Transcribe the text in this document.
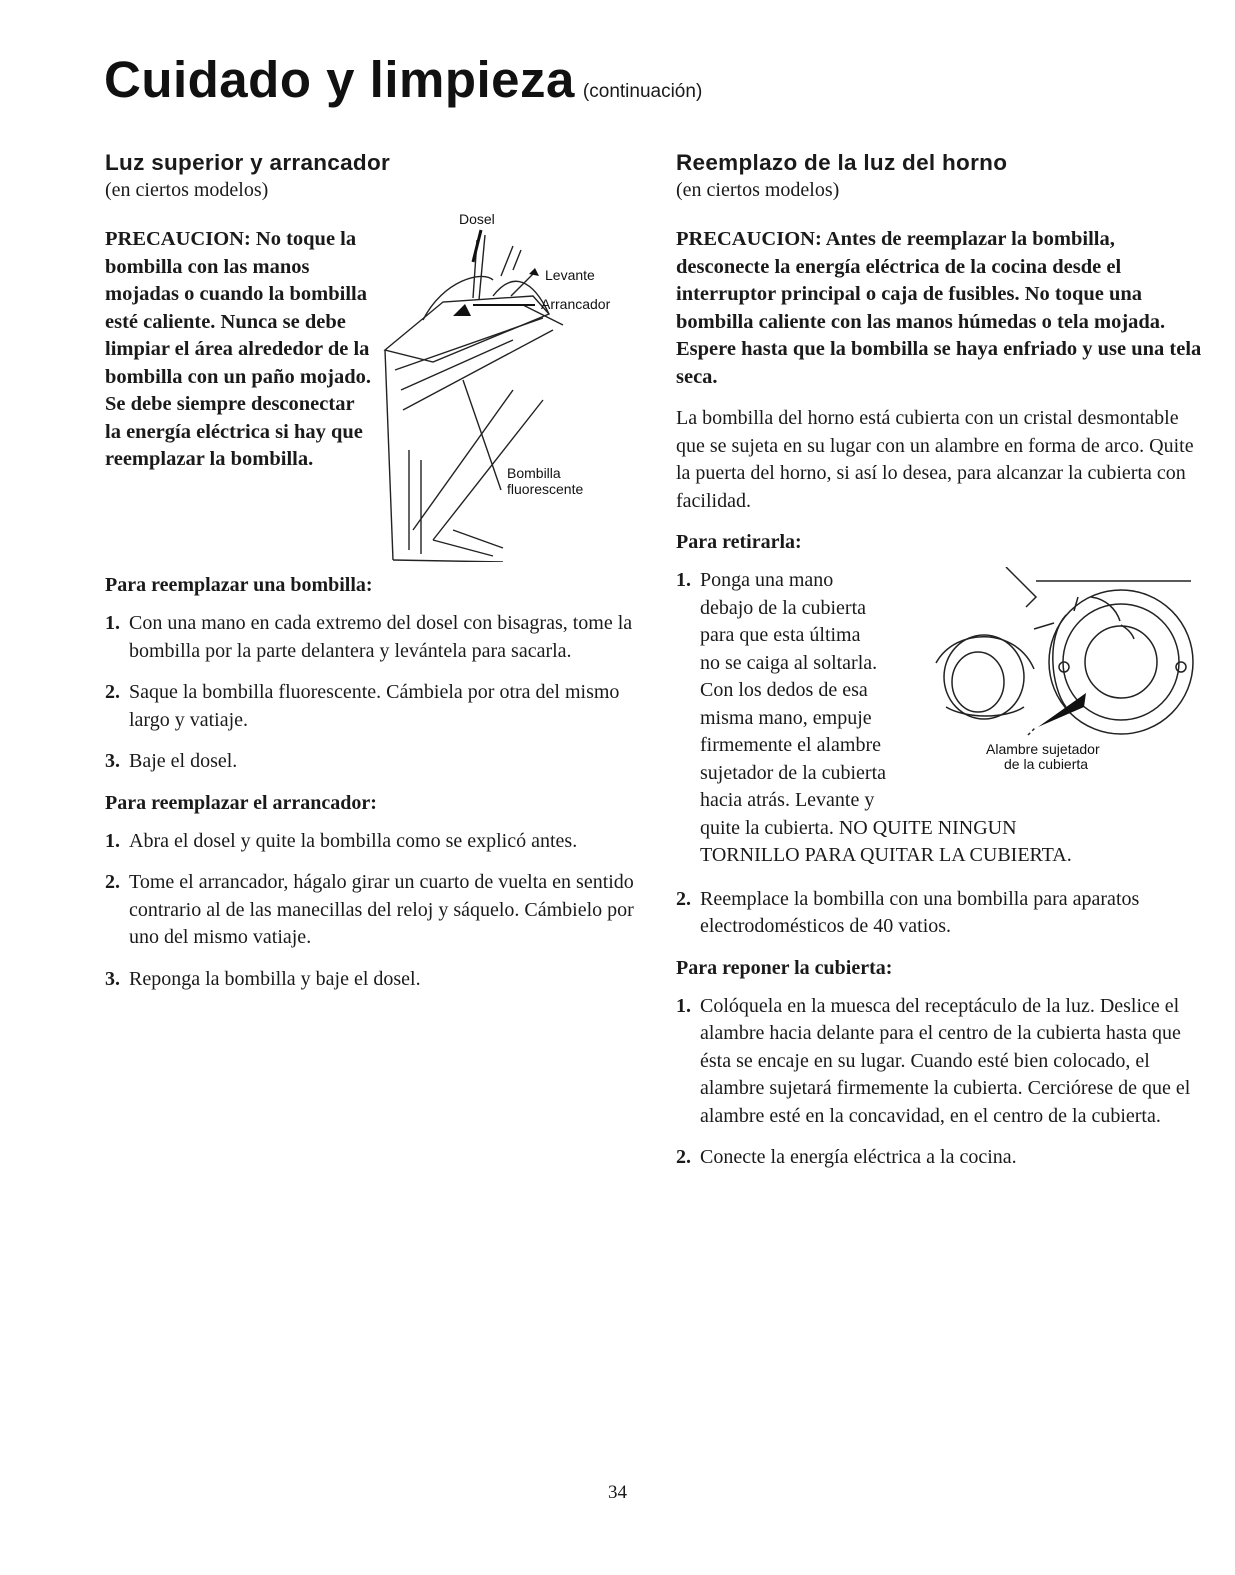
Cuidado y limpieza (continuación)
Luz superior y arrancador
(en ciertos modelos)

PRECAUCION: No toque la bombilla con las manos mojadas o cuando la bombilla esté caliente. Nunca se debe limpiar el área alrededor de la bombilla con un paño mojado. Se debe siempre desconectar la energía eléctrica si hay que reemplazar la bombilla.

Dosel
Levante
Arrancador
Bombilla
fluorescente
Para reemplazar una bombilla:
1. Con una mano en cada extremo del dosel con bisagras, tome la bombilla por la parte delantera y levántela para sacarla.
2. Saque la bombilla fluorescente. Cámbiela por otra del mismo largo y vatiaje.
3. Baje el dosel.
Para reemplazar el arrancador:
1. Abra el dosel y quite la bombilla como se explicó antes.
2. Tome el arrancador, hágalo girar un cuarto de vuelta en sentido contrario al de las manecillas del reloj y sáquelo. Cámbielo por uno del mismo vatiaje.
3. Reponga la bombilla y baje el dosel.
Reemplazo de la luz del horno
(en ciertos modelos)

PRECAUCION: Antes de reemplazar la bombilla, desconecte la energía eléctrica de la cocina desde el interruptor principal o caja de fusibles. No toque una bombilla caliente con las manos húmedas o tela mojada. Espere hasta que la bombilla se haya enfriado y use una tela seca.

La bombilla del horno está cubierta con un cristal desmontable que se sujeta en su lugar con un alambre en forma de arco. Quite la puerta del horno, si así lo desea, para alcanzar la cubierta con facilidad.

Para retirarla:
1. Ponga una mano
debajo de la cubierta
para que esta última
no se caiga al soltarla.
Con los dedos de esa
misma mano, empuje
firmemente el alambre
sujetador de la cubierta
hacia atrás. Levante y
quite la cubierta. NO QUITE NINGUN TORNILLO PARA QUITAR LA CUBIERTA.
Alambre sujetador
de la cubierta
2. Reemplace la bombilla con una bombilla para aparatos electrodomésticos de 40 vatios.
Para reponer la cubierta:
1. Colóquela en la muesca del receptáculo de la luz. Deslice el alambre hacia delante para el centro de la cubierta hasta que ésta se encaje en su lugar. Cuando esté bien colocado, el alambre sujetará firmemente la cubierta. Cerciórese de que el alambre esté en la concavidad, en el centro de la cubierta.
2. Conecte la energía eléctrica a la cocina.
34
